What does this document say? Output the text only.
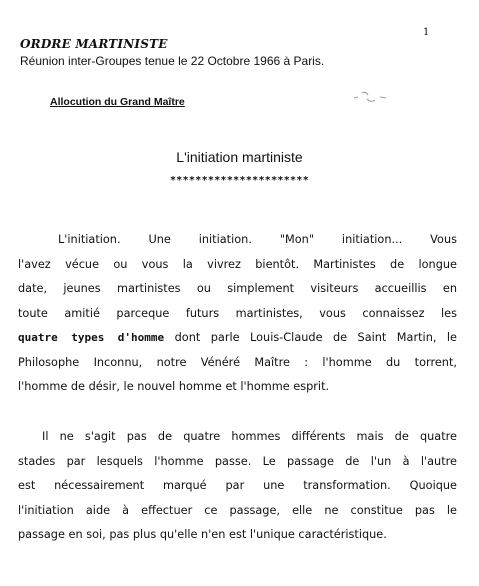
1
ORDRE MARTINISTE
Réunion inter-Groupes tenue le 22 Octobre 1966 à Paris.
Allocution du Grand Maître
L'initiation martiniste
**********************
L'initiation. Une initiation. "Mon" initiation... Vous
l'avez vécue ou vous la vivrez bientôt. Martinistes de longue
date, jeunes martinistes ou simplement visiteurs accueillis en
toute amitié parceque futurs martinistes, vous connaissez les
quatre types d'homme dont parle Louis-Claude de Saint Martin, le
Philosophe Inconnu, notre Vénéré Maître : l'homme du torrent,
l'homme de désir, le nouvel homme et l'homme esprit.
Il ne s'agit pas de quatre hommes différents mais de quatre
stades par lesquels l'homme passe. Le passage de l'un à l'autre
est nécessairement marqué par une transformation. Quoique
l'initiation aide à effectuer ce passage, elle ne constitue pas le
passage en soi, pas plus qu'elle n'en est l'unique caractéristique.
